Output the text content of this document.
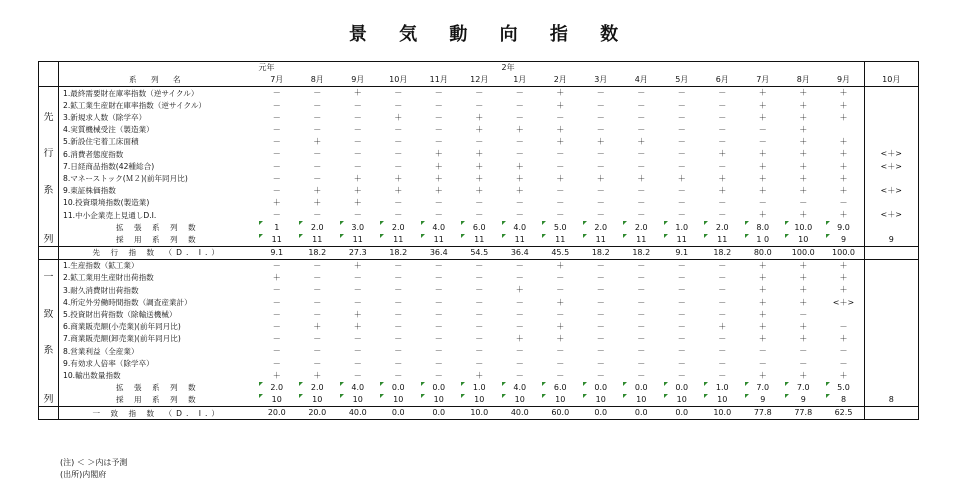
景 気 動 向 指 数
		元年						2年									
	系 列 名	7月	8月	9月	10月	11月	12月	1月	2月	3月	4月	5月	6月	7月	8月	9月	10月
	1.最終需要財在庫率指数（逆サイクル）	－	－	＋	－	－	－	－	＋	－	－	－	－	＋	＋	＋	
	2.鉱工業生産財在庫率指数（逆サイクル）	－	－	－	－	－	－	－	＋	－	－	－	－	＋	＋	＋	
先	3.新規求人数（除学卒）	－	－	－	＋	－	＋	－	－	－	－	－	－	＋	＋	＋	
	4.実質機械受注（製造業）	－	－	－	－	－	＋	＋	＋	－	－	－	－	－	＋		
	5.新設住宅着工床面積	－	＋	－	－	－	－	－	＋	＋	＋	－	－	－	＋	＋	
行	6.消費者態度指数	－	－	－	－	＋	＋	－	－	－	－	－	＋	＋	＋	＋	<＋>
	7.日経商品指数(42種総合)	－	－	－	－	＋	＋	＋	－	－	－	－	－	＋	＋	＋	<＋>
	8.マネーストック(Ｍ２)(前年同月比)	－	－	＋	＋	＋	＋	＋	＋	＋	＋	＋	＋	＋	＋	＋	
系	9.東証株価指数	－	＋	＋	＋	＋	＋	＋	－	－	－	－	＋	＋	＋	＋	<＋>
	10.投資環境指数(製造業)	＋	＋	＋	－	－	－	－	－	－	－	－	－	－	－	－	
	11.中小企業売上見通しD.I.	－	－	－	－	－	－	－	－	－	－	－	－	＋	＋	＋	<＋>
	拡 張 系 列 数	1	2.0	3.0	2.0	4.0	6.0	4.0	5.0	2.0	2.0	1.0	2.0	8.0	10.0	9.0	
列	採 用 系 列 数	11	11	11	11	11	11	11	11	11	11	11	11	1 0	10	9	9
	先 行 指 数 （D. I.）	9.1	18.2	27.3	18.2	36.4	54.5	36.4	45.5	18.2	18.2	9.1	18.2	80.0	100.0	100.0	
	1.生産指数（鉱工業）	－	－	＋	－	－	－	－	＋	－	－	－	－	＋	＋	＋	
一	2.鉱工業用生産財出荷指数	＋	－	－	－	－	－	－	－	－	－	－	－	＋	＋	＋	
	3.耐久消費財出荷指数	－	－	－	－	－	－	＋	－	－	－	－	－	＋	＋	＋	
	4.所定外労働時間指数（調査産業計）	－	－	－	－	－	－	－	＋	－	－	－	－	＋	＋	<＋>	
致	5.投資財出荷指数（除輸送機械）	－	－	＋	－	－	－	－	－	－	－	－	－	＋	－		
	6.商業販売額(小売業)(前年同月比)	－	＋	＋	－	－	－	－	＋	－	－	－	＋	＋	＋	－	
	7.商業販売額(卸売業)(前年同月比)	－	－	－	－	－	－	＋	＋	－	－	－	－	＋	＋	＋	
系	8.営業利益（全産業）	－	－	－	－	－	－	－	－	－	－	－	－	－	－	－	
	9.有効求人倍率（除学卒）	－	－	－	－	－	－	－	－	－	－	－	－	－	－	－	
	10.輸出数量指数	＋	＋	－	－	－	＋	－	－	－	－	－	－	＋	＋	＋	
	拡 張 系 列 数	2.0	2.0	4.0	0.0	0.0	1.0	4.0	6.0	0.0	0.0	0.0	1.0	7.0	7.0	5.0	
列	採 用 系 列 数	10	10	10	10	10	10	10	10	10	10	10	10	9	9	8	8
	一 致 指 数 （D. I.）	20.0	20.0	40.0	0.0	0.0	10.0	40.0	60.0	0.0	0.0	0.0	10.0	77.8	77.8	62.5	
(注) ＜ ＞内は予測
(出所)内閣府
